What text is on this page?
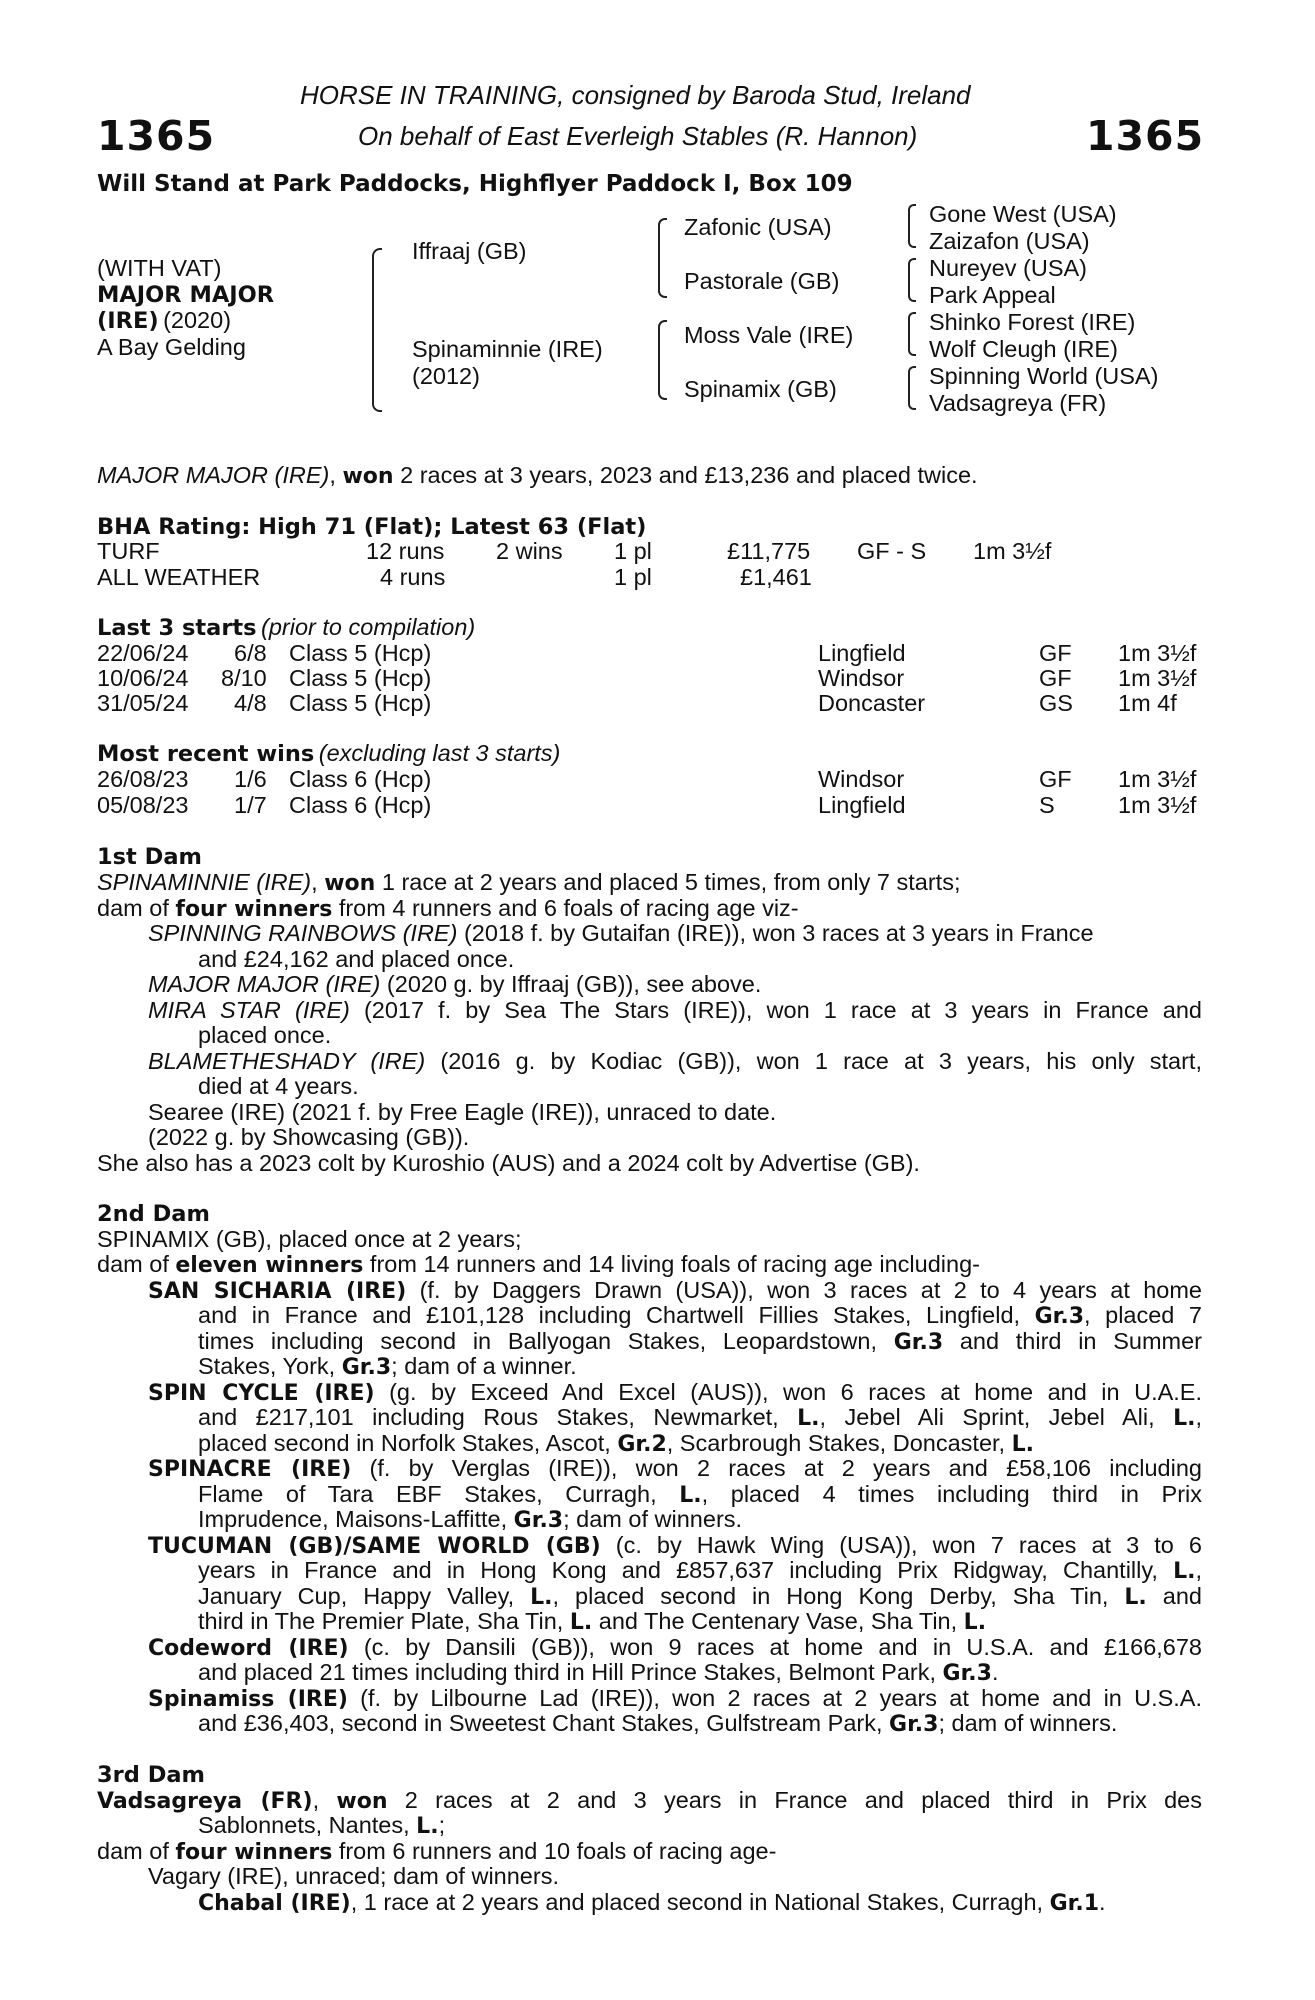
1365	1365
HORSE IN TRAINING, consigned by Baroda Stud, Ireland
On behalf of East Everleigh Stables (R. Hannon)
Will Stand at Park Paddocks, Highflyer Paddock I, Box 109
(WITH VAT)
MAJOR MAJOR
(IRE) (2020)
A Bay Gelding
Iffraaj (GB)
Spinaminnie (IRE)
(2012)
Zafonic (USA)
Pastorale (GB)
Moss Vale (IRE)
Spinamix (GB)
Gone West (USA)
Zaizafon (USA)
Nureyev (USA)
Park Appeal
Shinko Forest (IRE)
Wolf Cleugh (IRE)
Spinning World (USA)
Vadsagreya (FR)
MAJOR MAJOR (IRE), won 2 races at 3 years, 2023 and £13,236 and placed twice.
BHA Rating: High 71 (Flat); Latest 63 (Flat)
TURF	12 runs 2 wins 1 pl	£11,775 GF - S 1m 3½f
ALL WEATHER	4 runs	1 pl	£1,461
Last 3 starts (prior to compilation)
22/06/24 6/8 Class 5 (Hcp)	Lingfield	GF 1m 3½f
10/06/24 8/10 Class 5 (Hcp)	Windsor	GF 1m 3½f
31/05/24 4/8 Class 5 (Hcp)	Doncaster	GS 1m 4f
Most recent wins (excluding last 3 starts)
26/08/23 1/6 Class 6 (Hcp)	Windsor	GF 1m 3½f
05/08/23 1/7 Class 6 (Hcp)	Lingfield	S	1m 3½f
1st Dam
SPINAMINNIE (IRE), won 1 race at 2 years and placed 5 times, from only 7 starts;
dam of four winners from 4 runners and 6 foals of racing age viz-
SPINNING RAINBOWS (IRE) (2018 f. by Gutaifan (IRE)), won 3 races at 3 years in France
and £24,162 and placed once.
MAJOR MAJOR (IRE) (2020 g. by Iffraaj (GB)), see above.
MIRA STAR (IRE) (2017 f. by Sea The Stars (IRE)), won 1 race at 3 years in France and
placed once.
BLAMETHESHADY (IRE) (2016 g. by Kodiac (GB)), won 1 race at 3 years, his only start,
died at 4 years.
Searee (IRE) (2021 f. by Free Eagle (IRE)), unraced to date.
(2022 g. by Showcasing (GB)).
She also has a 2023 colt by Kuroshio (AUS) and a 2024 colt by Advertise (GB).
2nd Dam
SPINAMIX (GB), placed once at 2 years;
dam of eleven winners from 14 runners and 14 living foals of racing age including-
SAN SICHARIA (IRE) (f. by Daggers Drawn (USA)), won 3 races at 2 to 4 years at home
and in France and £101,128 including Chartwell Fillies Stakes, Lingfield, Gr.3, placed 7
times including second in Ballyogan Stakes, Leopardstown, Gr.3 and third in Summer
Stakes, York, Gr.3; dam of a winner.
SPIN CYCLE (IRE) (g. by Exceed And Excel (AUS)), won 6 races at home and in U.A.E.
and £217,101 including Rous Stakes, Newmarket, L., Jebel Ali Sprint, Jebel Ali, L.,
placed second in Norfolk Stakes, Ascot, Gr.2, Scarbrough Stakes, Doncaster, L.
SPINACRE (IRE) (f. by Verglas (IRE)), won 2 races at 2 years and £58,106 including
Flame of Tara EBF Stakes, Curragh, L., placed 4 times including third in Prix
Imprudence, Maisons-Laffitte, Gr.3; dam of winners.
TUCUMAN (GB)/SAME WORLD (GB) (c. by Hawk Wing (USA)), won 7 races at 3 to 6
years in France and in Hong Kong and £857,637 including Prix Ridgway, Chantilly, L.,
January Cup, Happy Valley, L., placed second in Hong Kong Derby, Sha Tin, L. and
third in The Premier Plate, Sha Tin, L. and The Centenary Vase, Sha Tin, L.
Codeword (IRE) (c. by Dansili (GB)), won 9 races at home and in U.S.A. and £166,678
and placed 21 times including third in Hill Prince Stakes, Belmont Park, Gr.3.
Spinamiss (IRE) (f. by Lilbourne Lad (IRE)), won 2 races at 2 years at home and in U.S.A.
and £36,403, second in Sweetest Chant Stakes, Gulfstream Park, Gr.3; dam of winners.
3rd Dam
Vadsagreya (FR), won 2 races at 2 and 3 years in France and placed third in Prix des
Sablonnets, Nantes, L.;
dam of four winners from 6 runners and 10 foals of racing age-
Vagary (IRE), unraced; dam of winners.
Chabal (IRE), 1 race at 2 years and placed second in National Stakes, Curragh, Gr.1.
